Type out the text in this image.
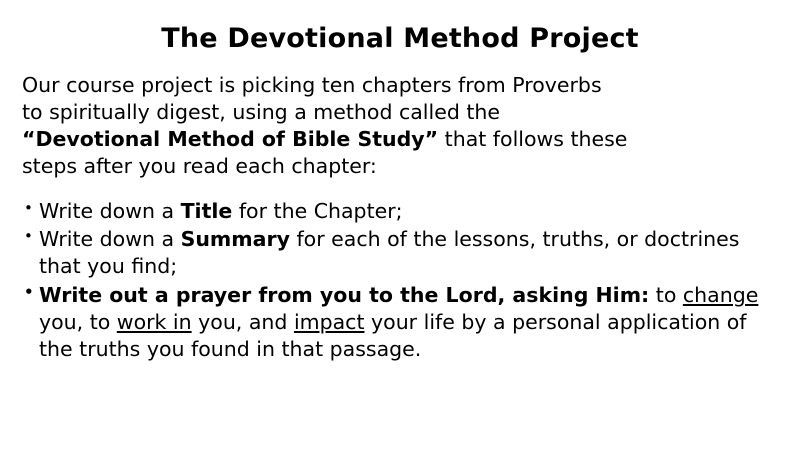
The Devotional Method Project

Our course project is picking ten chapters from Proverbs
to spiritually digest, using a method called the
“Devotional Method of Bible Study” that follows these
steps after you read each chapter:

• Write down a Title for the Chapter;
• Write down a Summary for each of the lessons, truths, or doctrines that you find;
• Write out a prayer from you to the Lord, asking Him: to change you, to work in you, and impact your life by a personal application of the truths you found in that passage.
